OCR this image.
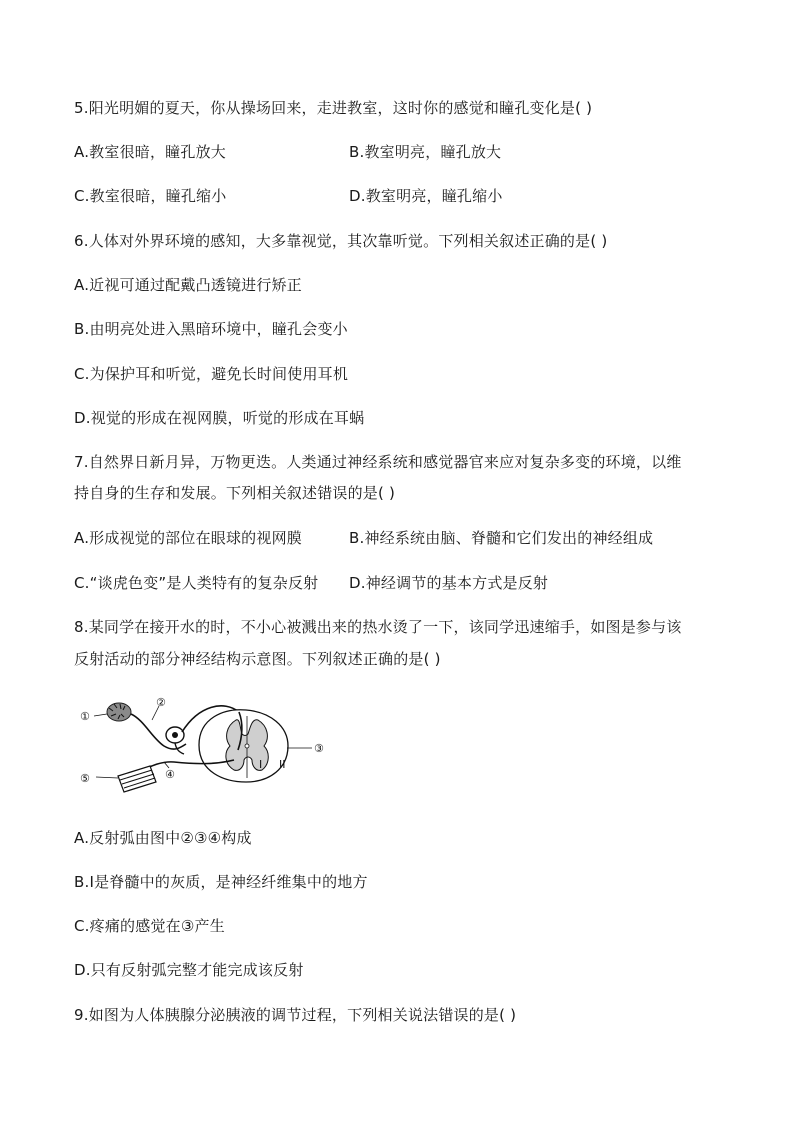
5.阳光明媚的夏天，你从操场回来，走进教室，这时你的感觉和瞳孔变化是( )
A.教室很暗，瞳孔放大	B.教室明亮，瞳孔放大
C.教室很暗，瞳孔缩小	D.教室明亮，瞳孔缩小
6.人体对外界环境的感知，大多靠视觉，其次靠听觉。下列相关叙述正确的是( )
A.近视可通过配戴凸透镜进行矫正
B.由明亮处进入黑暗环境中，瞳孔会变小
C.为保护耳和听觉，避免长时间使用耳机
D.视觉的形成在视网膜，听觉的形成在耳蜗
7.自然界日新月异，万物更迭。人类通过神经系统和感觉器官来应对复杂多变的环境，以维
持自身的生存和发展。下列相关叙述错误的是( )
A.形成视觉的部位在眼球的视网膜	B.神经系统由脑、脊髓和它们发出的神经组成
C.“谈虎色变”是人类特有的复杂反射 D.神经调节的基本方式是反射
8.某同学在接开水的时，不小心被溅出来的热水烫了一下，该同学迅速缩手，如图是参与该
反射活动的部分神经结构示意图。下列叙述正确的是( )
①
②
③
④
⑤
I II
A.反射弧由图中②③④构成
B.I是脊髓中的灰质，是神经纤维集中的地方
C.疼痛的感觉在③产生
D.只有反射弧完整才能完成该反射
9.如图为人体胰腺分泌胰液的调节过程，下列相关说法错误的是( )
